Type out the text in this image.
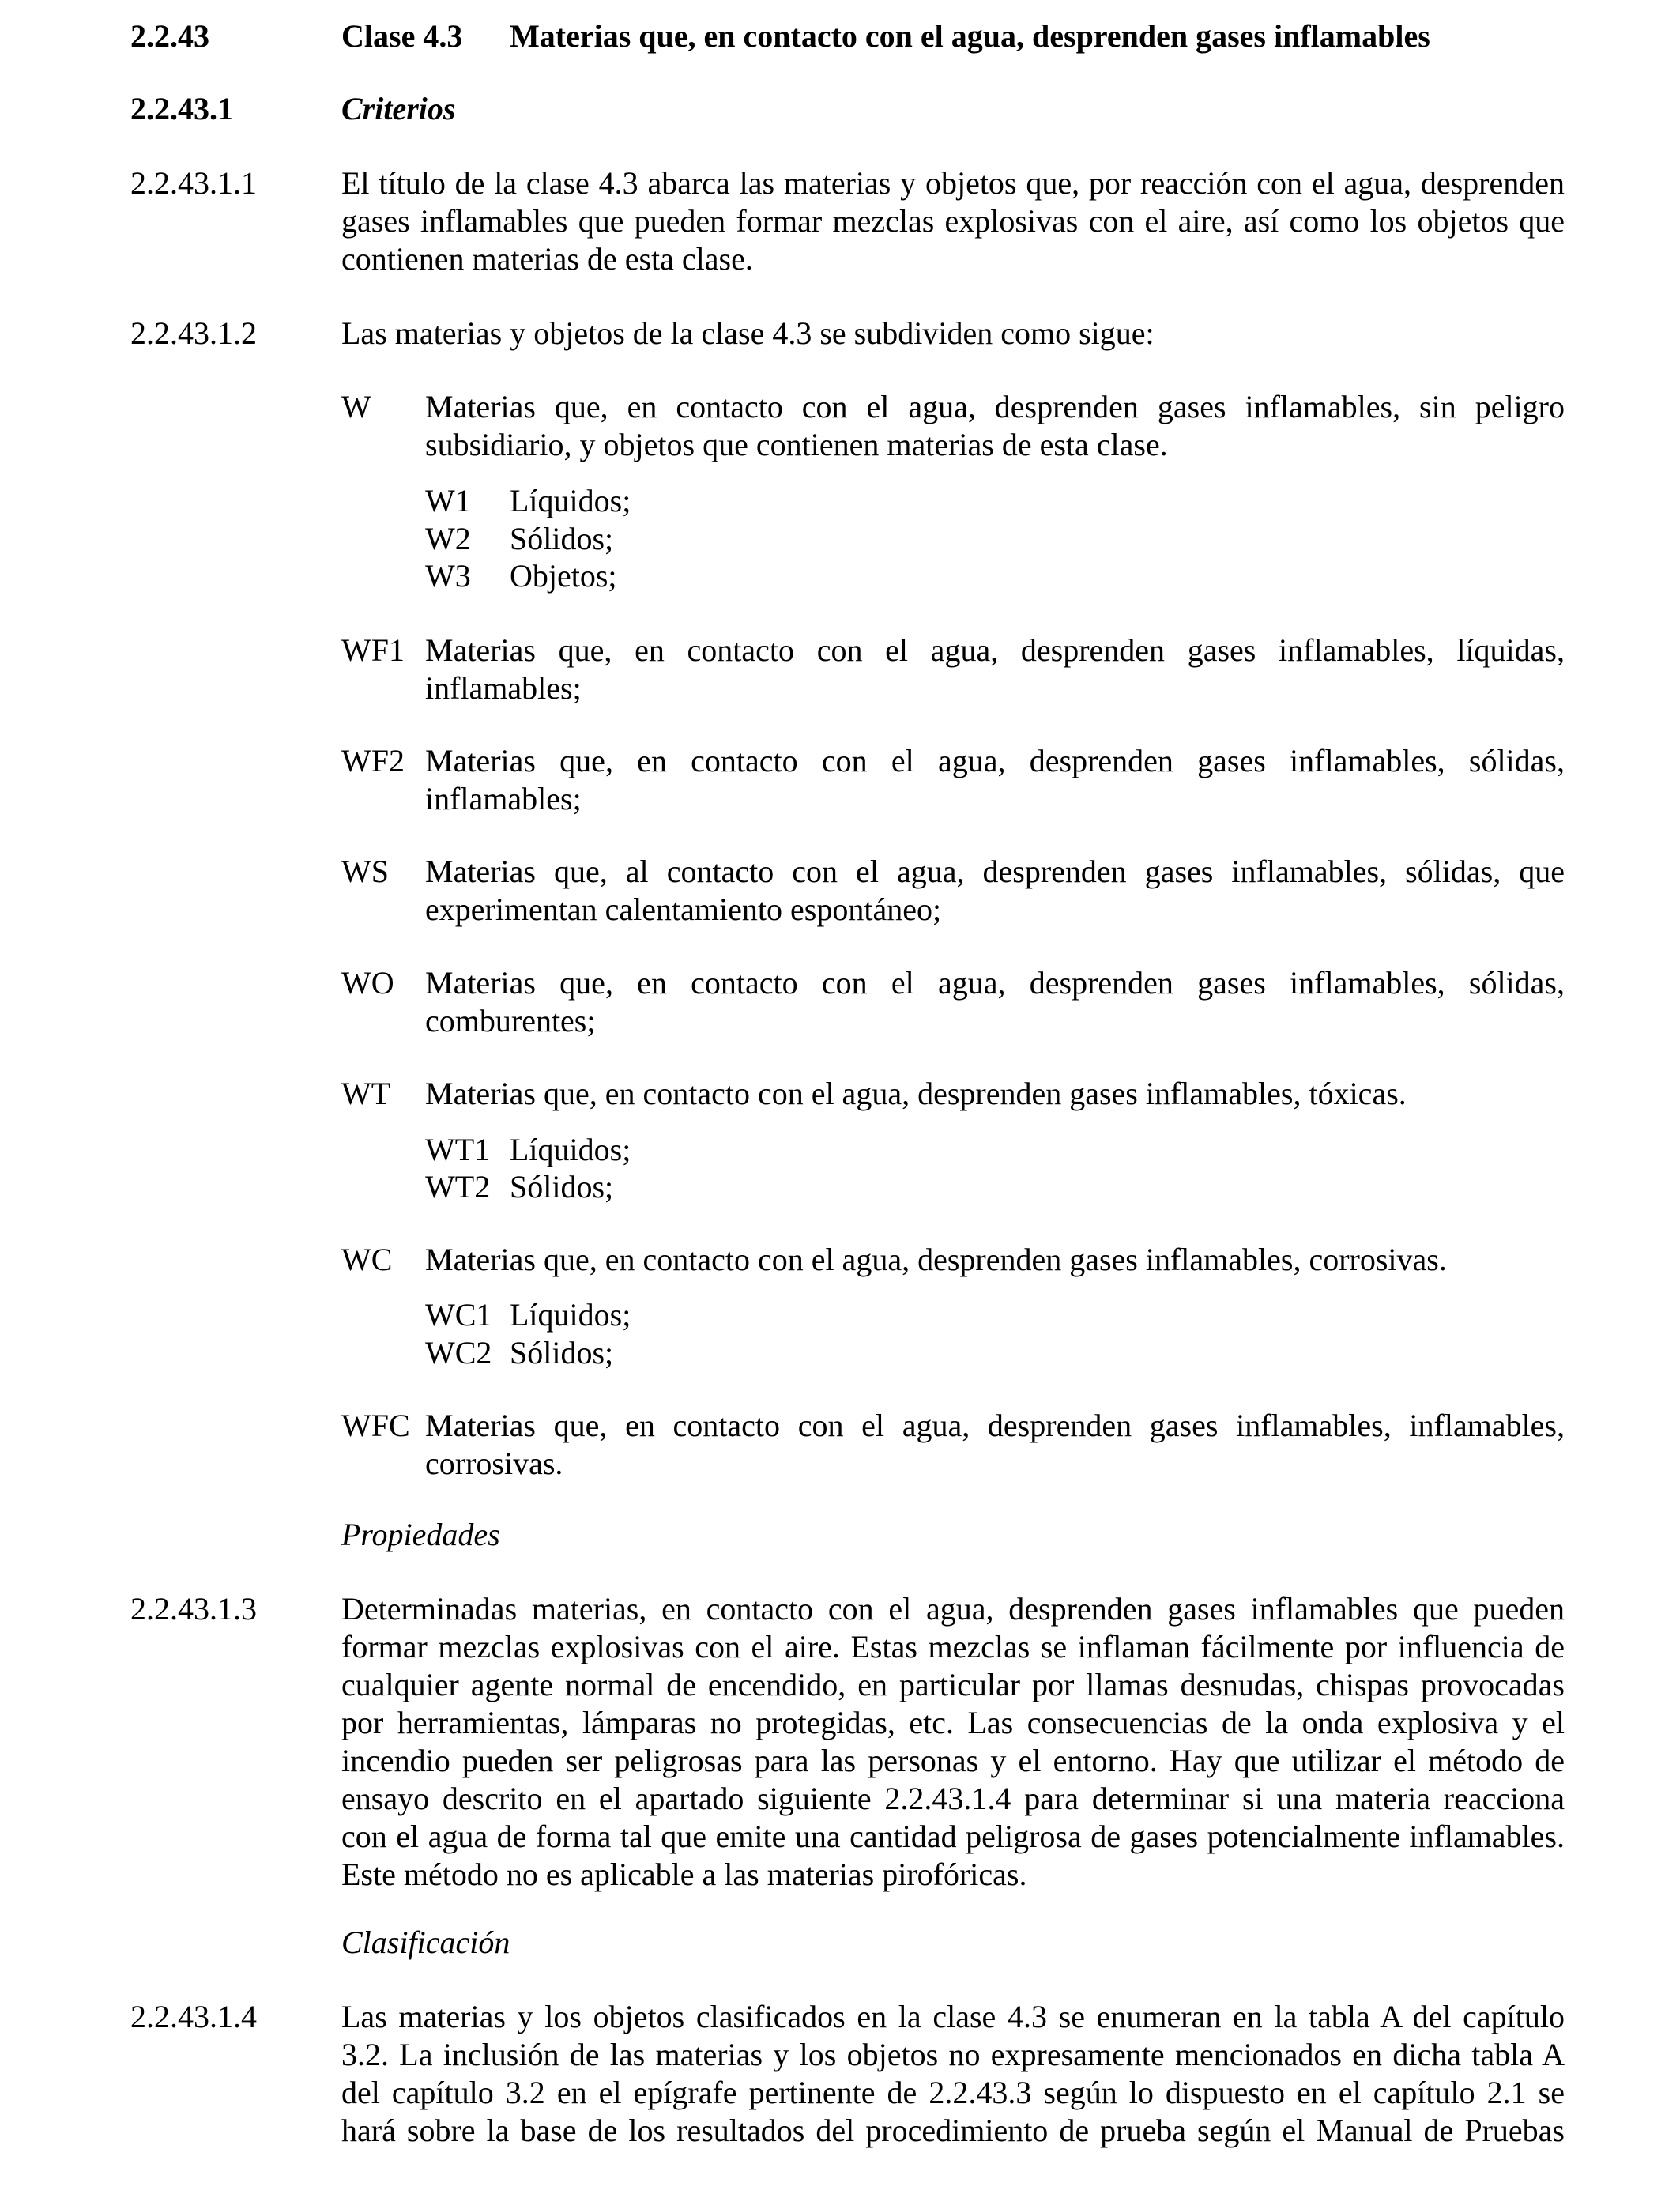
2.2.43	Clase 4.3 Materias que, en contacto con el agua, desprenden gases inflamables
2.2.43.1	Criterios
2.2.43.1.1	El título de la clase 4.3 abarca las materias y objetos que, por reacción con el agua, desprenden
gases inflamables que pueden formar mezclas explosivas con el aire, así como los objetos que
contienen materias de esta clase.
2.2.43.1.2	Las materias y objetos de la clase 4.3 se subdividen como sigue:
W Materias que, en contacto con el agua, desprenden gases inflamables, sin peligro
subsidiario, y objetos que contienen materias de esta clase.
W1 Líquidos;
W2 Sólidos;
W3 Objetos;
WF1 Materias que, en contacto con el agua, desprenden gases inflamables, líquidas,
inflamables;
WF2 Materias que, en contacto con el agua, desprenden gases inflamables, sólidas,
inflamables;
WS Materias que, al contacto con el agua, desprenden gases inflamables, sólidas, que
experimentan calentamiento espontáneo;
WO Materias que, en contacto con el agua, desprenden gases inflamables, sólidas,
comburentes;
WT Materias que, en contacto con el agua, desprenden gases inflamables, tóxicas.
WT1 Líquidos;
WT2 Sólidos;
WC Materias que, en contacto con el agua, desprenden gases inflamables, corrosivas.
WC1 Líquidos;
WC2 Sólidos;
WFC Materias que, en contacto con el agua, desprenden gases inflamables, inflamables,
corrosivas.
Propiedades
2.2.43.1.3	Determinadas materias, en contacto con el agua, desprenden gases inflamables que pueden
formar mezclas explosivas con el aire. Estas mezclas se inflaman fácilmente por influencia de
cualquier agente normal de encendido, en particular por llamas desnudas, chispas provocadas
por herramientas, lámparas no protegidas, etc. Las consecuencias de la onda explosiva y el
incendio pueden ser peligrosas para las personas y el entorno. Hay que utilizar el método de
ensayo descrito en el apartado siguiente 2.2.43.1.4 para determinar si una materia reacciona
con el agua de forma tal que emite una cantidad peligrosa de gases potencialmente inflamables.
Este método no es aplicable a las materias pirofóricas.
Clasificación
2.2.43.1.4	Las materias y los objetos clasificados en la clase 4.3 se enumeran en la tabla A del capítulo
3.2. La inclusión de las materias y los objetos no expresamente mencionados en dicha tabla A
del capítulo 3.2 en el epígrafe pertinente de 2.2.43.3 según lo dispuesto en el capítulo 2.1 se
hará sobre la base de los resultados del procedimiento de prueba según el Manual de Pruebas
